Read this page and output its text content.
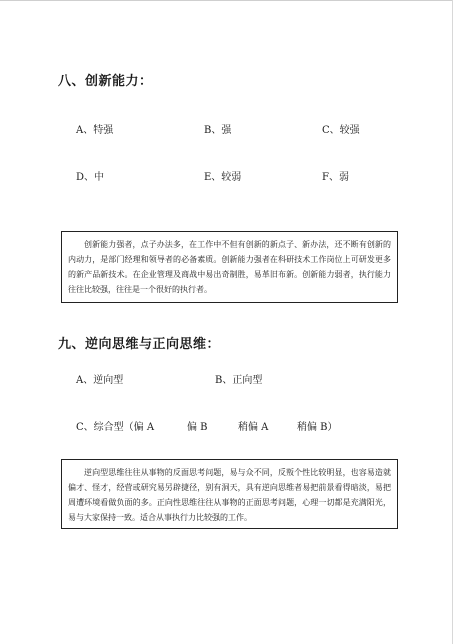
八、创新能力：
A、特强	B、强	C、较强
D、中	E、较弱	F、弱

创新能力强者，点子办法多，在工作中不但有创新的新点子、新办法，还不断有创新的内动力，是部门经理和领导者的必备素质。创新能力强者在科研技术工作岗位上可研发更多的新产品新技术。在企业管理及商战中易出奇制胜，易革旧布新。创新能力弱者，执行能力往往比较强，往往是一个很好的执行者。

九、逆向思维与正向思维：
A、逆向型	B、正向型
C、综合型（偏 A	偏 B	稍偏 A	稍偏 B）

逆向型思维往往从事物的反面思考问题，易与众不同，反叛个性比较明显，也容易造就偏才、怪才，经营或研究易另辟捷径，别有洞天，具有逆向思维者易把前景看得暗淡，易把周遭环境看做负面的多。正向性思维往往从事物的正面思考问题，心理一切都是充满阳光，易与大家保持一致。适合从事执行力比较强的工作。
